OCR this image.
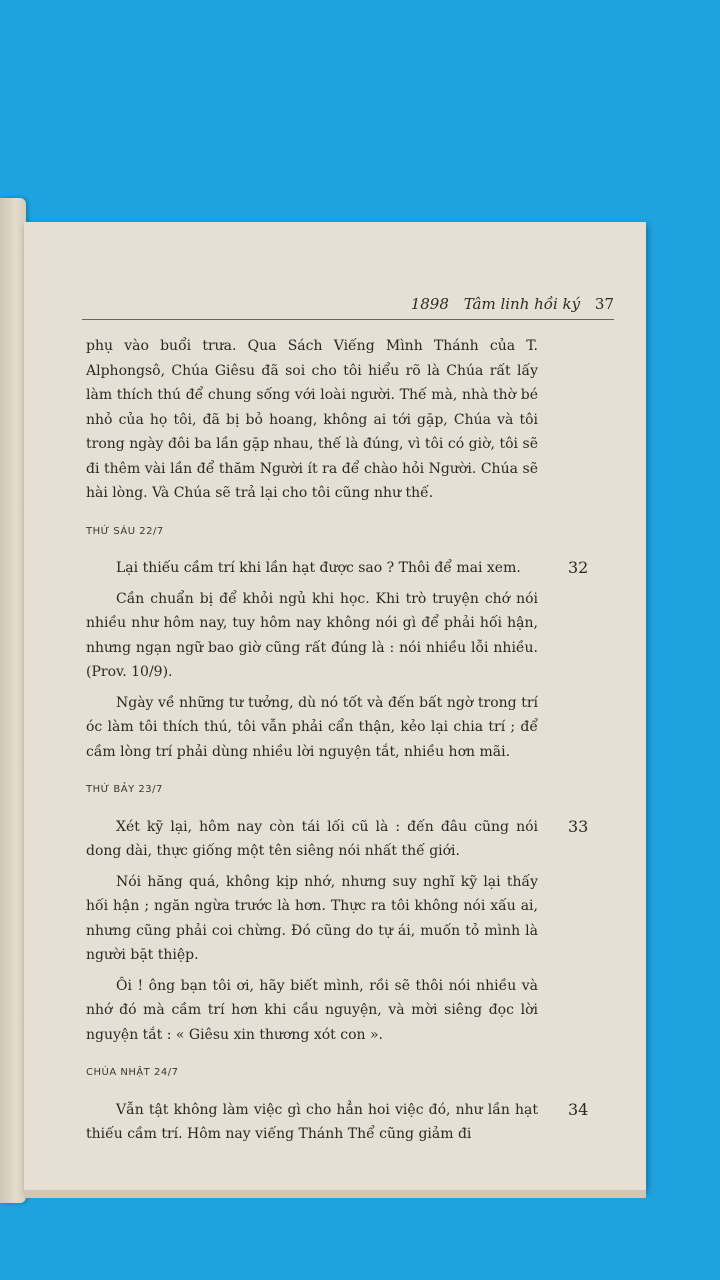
1898 Tâm linh hồi ký 37

phụ vào buổi trưa. Qua Sách Viếng Mình Thánh của T. Alphongsô, Chúa Giêsu đã soi cho tôi hiểu rõ là Chúa rất lấy làm thích thú để chung sống với loài người. Thế mà, nhà thờ bé nhỏ của họ tôi, đã bị bỏ hoang, không ai tới gặp, Chúa và tôi trong ngày đôi ba lần gặp nhau, thế là đúng, vì tôi có giờ, tôi sẽ đi thêm vài lần để thăm Người ít ra để chào hỏi Người. Chúa sẽ hài lòng. Và Chúa sẽ trả lại cho tôi cũng như thế.

THỨ SÁU 22/7
32

Lại thiếu cầm trí khi lần hạt được sao ? Thôi để mai xem.

Cần chuẩn bị để khỏi ngủ khi học. Khi trò truyện chớ nói nhiều như hôm nay, tuy hôm nay không nói gì để phải hối hận, nhưng ngạn ngữ bao giờ cũng rất đúng là : nói nhiều lỗi nhiều. (Prov. 10/9).

Ngày về những tư tưởng, dù nó tốt và đến bất ngờ trong trí óc làm tôi thích thú, tôi vẫn phải cẩn thận, kẻo lại chia trí ; để cầm lòng trí phải dùng nhiều lời nguyện tắt, nhiều hơn mãi.

THỨ BẢY 23/7
33

Xét kỹ lại, hôm nay còn tái lối cũ là : đến đâu cũng nói dong dài, thực giống một tên siêng nói nhất thế giới.

Nói hăng quá, không kịp nhớ, nhưng suy nghĩ kỹ lại thấy hối hận ; ngăn ngừa trước là hơn. Thực ra tôi không nói xấu ai, nhưng cũng phải coi chừng. Đó cũng do tự ái, muốn tỏ mình là người bặt thiệp.

Ôi ! ông bạn tôi ơi, hãy biết mình, rồi sẽ thôi nói nhiều và nhớ đó mà cầm trí hơn khi cầu nguyện, và mời siêng đọc lời nguyện tắt : « Giêsu xin thương xót con ».

CHÚA NHẬT 24/7
34

Vẫn tật không làm việc gì cho hẳn hoi việc đó, như lần hạt thiếu cầm trí. Hôm nay viếng Thánh Thể cũng giảm đi
